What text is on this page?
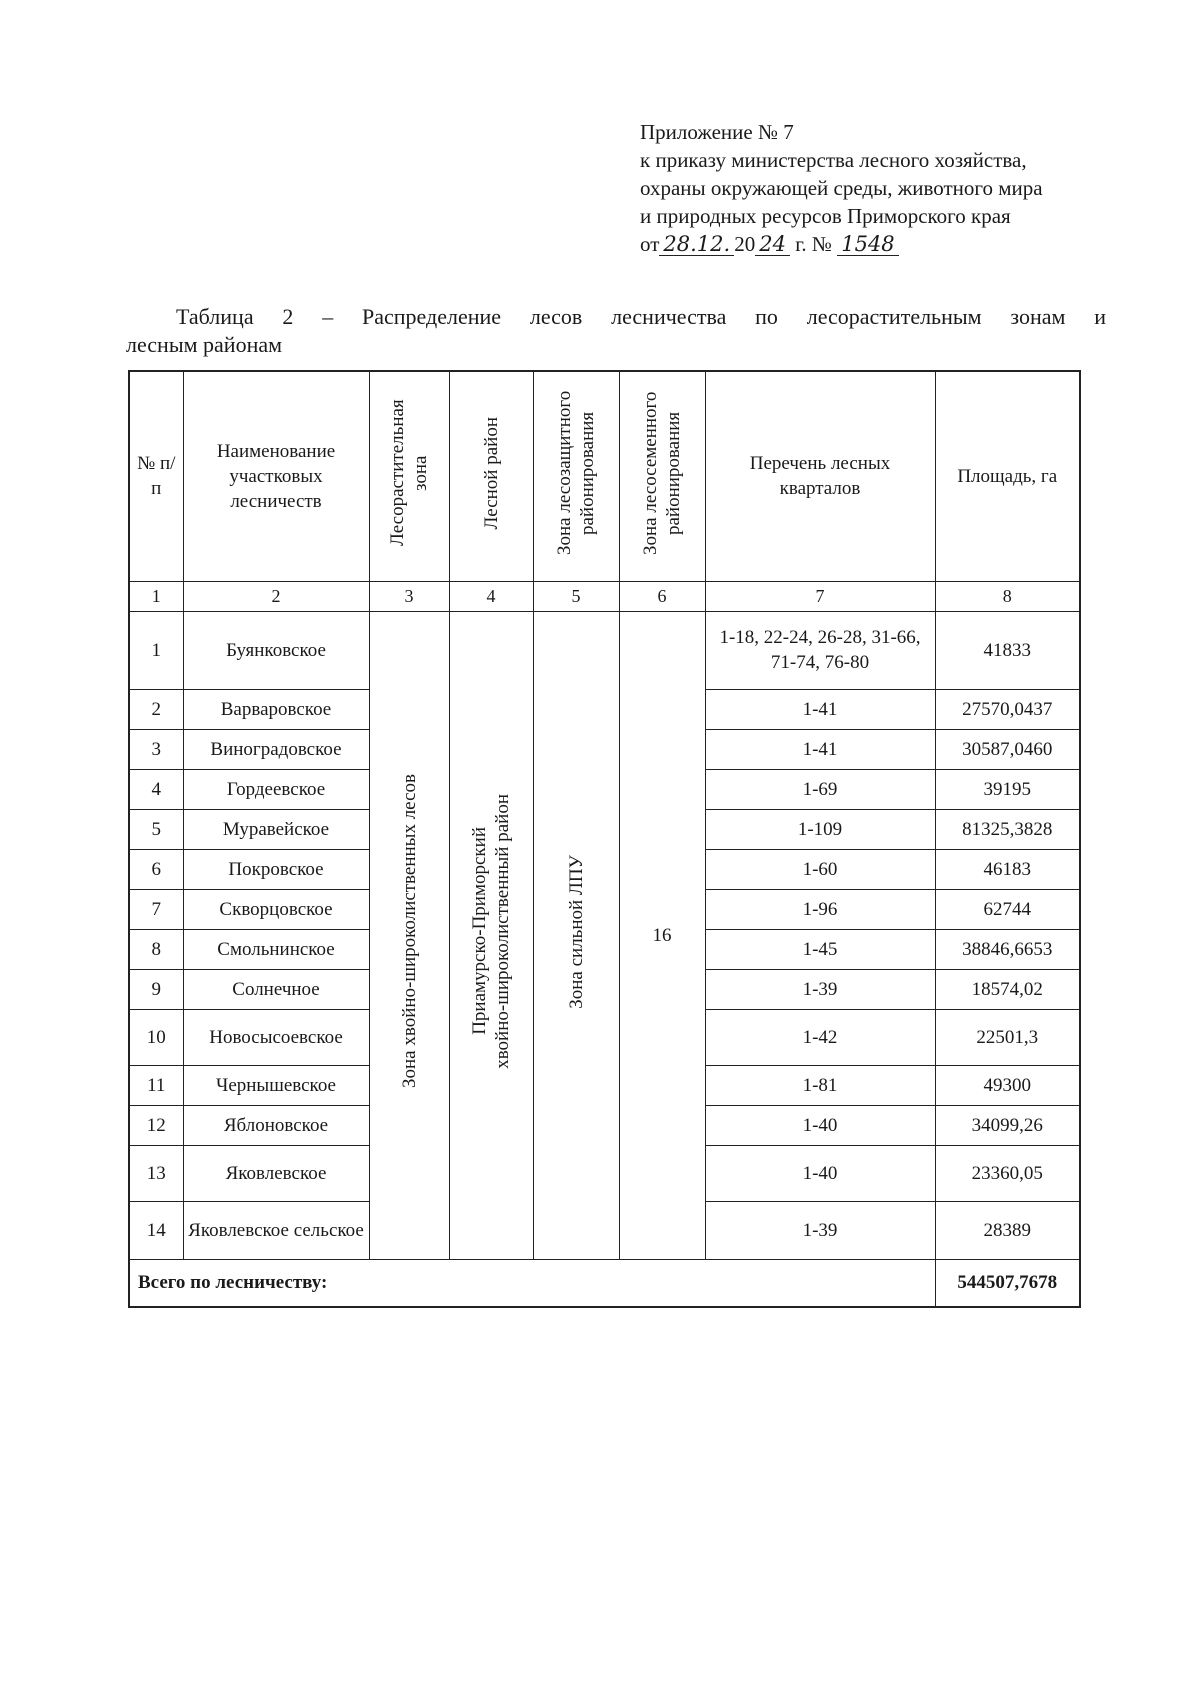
Приложение № 7
к приказу министерства лесного хозяйства,
охраны окружающей среды, животного мира
и природных ресурсов Приморского края
от 28.12. 20 24 г. № 1548
Таблица 2 – Распределение лесов лесничества по лесорастительным зонам и
лесным районам
№ п/п	Наименование участковых лесничеств	Лесорастительная зона	Лесной район	Зона лесозащитного районирования	Зона лесосеменного районирования	Перечень лесных кварталов	Площадь, га
1	2	3	4	5	6	7	8
1	Буянковское	Зона хвойно-широколиственных лесов	Приамурско-Приморский хвойно-широколиственный район	Зона сильной ЛПУ	16	1-18, 22-24, 26-28, 31-66, 71-74, 76-80	41833
2	Варваровское					1-41	27570,0437
3	Виноградовское					1-41	30587,0460
4	Гордеевское					1-69	39195
5	Муравейское					1-109	81325,3828
6	Покровское					1-60	46183
7	Скворцовское					1-96	62744
8	Смольнинское					1-45	38846,6653
9	Солнечное					1-39	18574,02
10	Новосысоевское					1-42	22501,3
11	Чернышевское					1-81	49300
12	Яблоновское					1-40	34099,26
13	Яковлевское					1-40	23360,05
14	Яковлевское сельское					1-39	28389
Всего по лесничеству:							544507,7678
